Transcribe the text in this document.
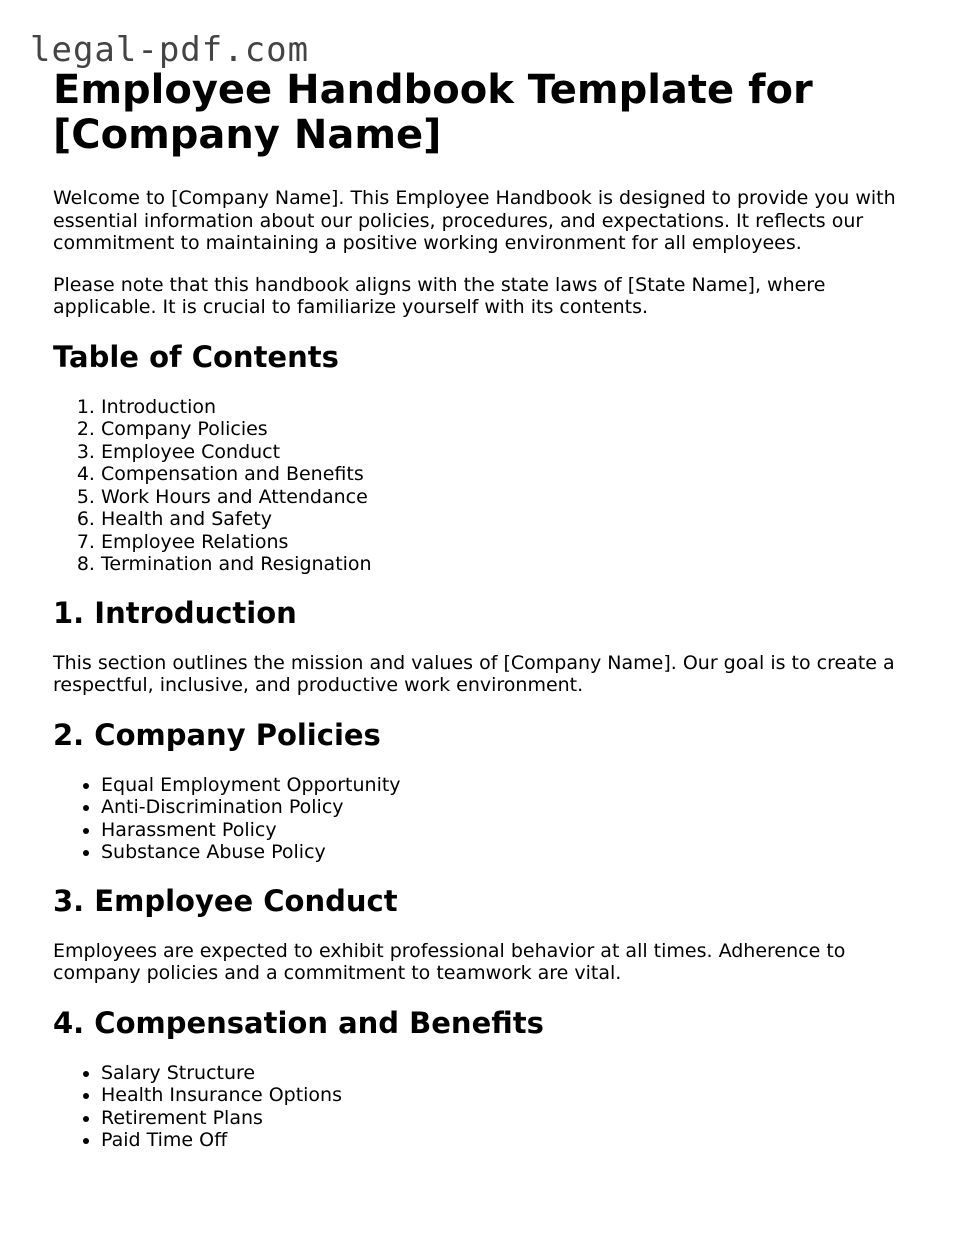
legal-pdf.com
Employee Handbook Template for [Company Name]

Welcome to [Company Name]. This Employee Handbook is designed to provide you with essential information about our policies, procedures, and expectations. It reflects our commitment to maintaining a positive working environment for all employees.

Please note that this handbook aligns with the state laws of [State Name], where applicable. It is crucial to familiarize yourself with its contents.

Table of Contents
1. Introduction
2. Company Policies
3. Employee Conduct
4. Compensation and Benefits
5. Work Hours and Attendance
6. Health and Safety
7. Employee Relations
8. Termination and Resignation
1. Introduction

This section outlines the mission and values of [Company Name]. Our goal is to create a respectful, inclusive, and productive work environment.

2. Company Policies
• Equal Employment Opportunity
• Anti-Discrimination Policy
• Harassment Policy
• Substance Abuse Policy
3. Employee Conduct

Employees are expected to exhibit professional behavior at all times. Adherence to company policies and a commitment to teamwork are vital.

4. Compensation and Benefits
• Salary Structure
• Health Insurance Options
• Retirement Plans
• Paid Time Off
